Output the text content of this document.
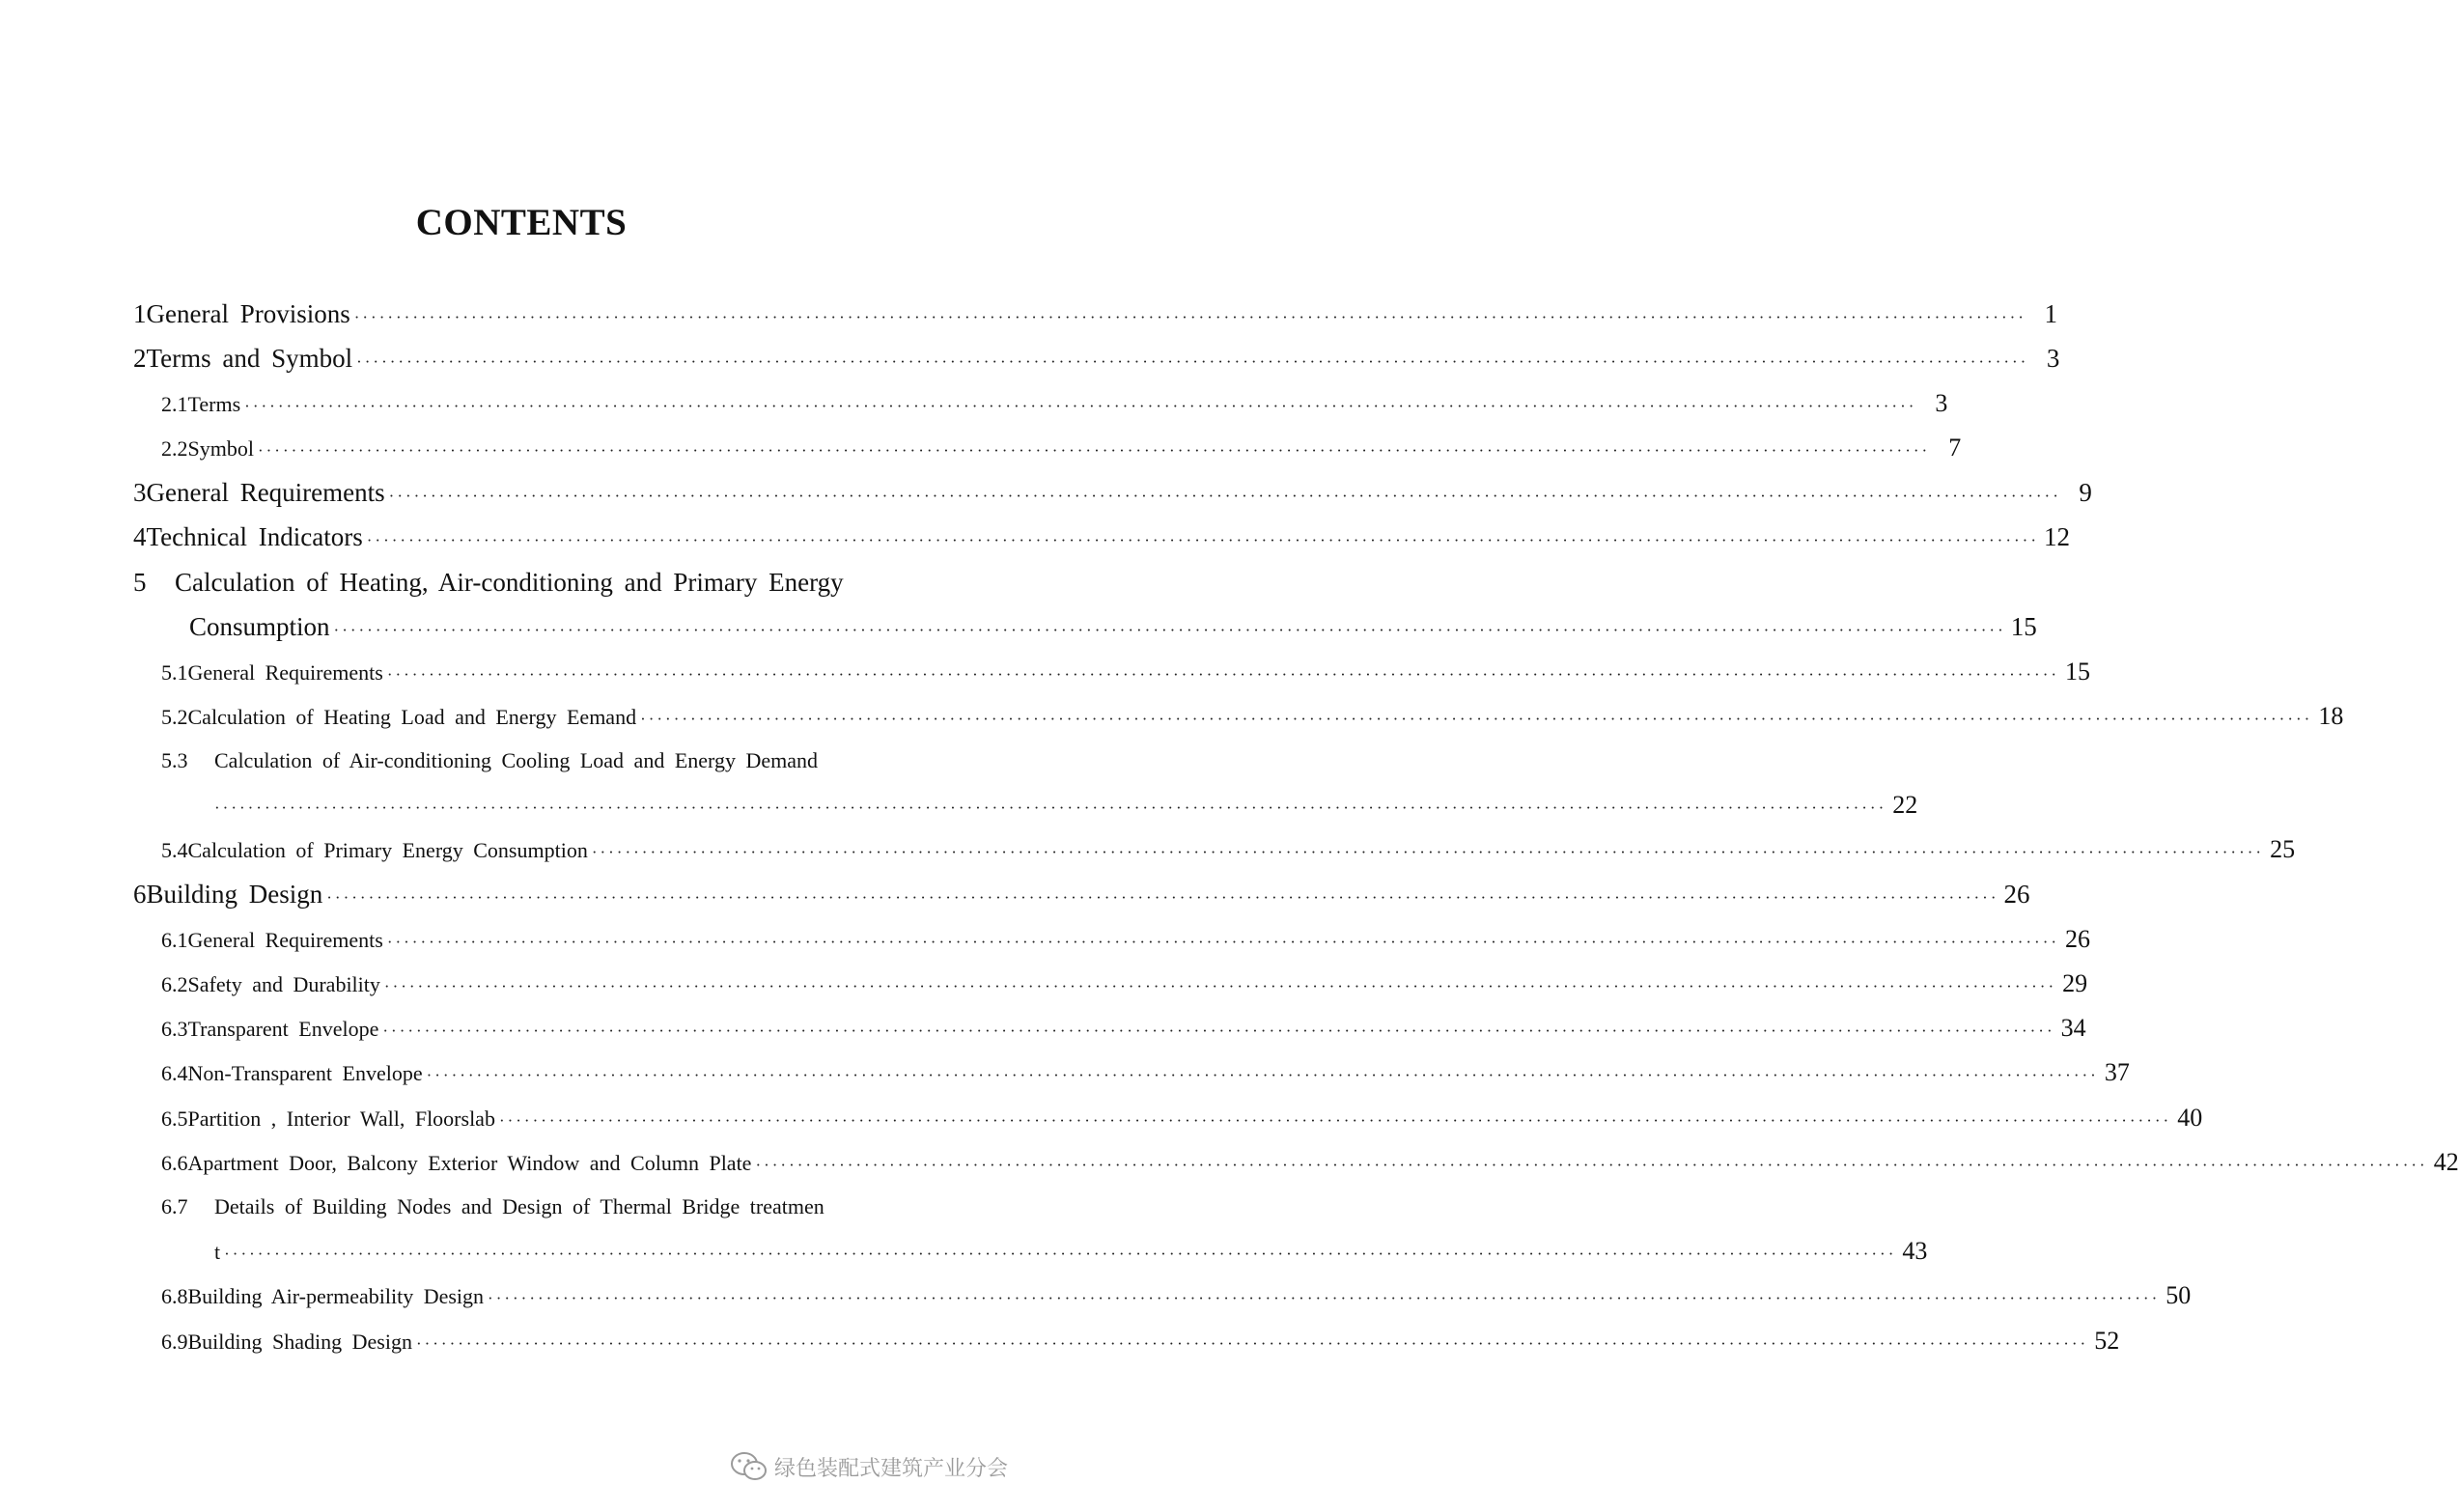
CONTENTS
1 General Provisions ········································································································································································································ 1
2 Terms and Symbol ········································································································································································································ 3
2.1 Terms ········································································································································································································ 3
2.2 Symbol ········································································································································································································ 7
3 General Requirements ········································································································································································································ 9
4 Technical Indicators ········································································································································································································ 12
5 Calculation of Heating, Air-conditioning and Primary Energy
Consumption ········································································································································································································ 15
5.1 General Requirements ········································································································································································································ 15
5.2 Calculation of Heating Load and Energy Eemand ········································································································································································································ 18
5.3 Calculation of Air-conditioning Cooling Load and Energy Demand
········································································································································································································ 22
5.4 Calculation of Primary Energy Consumption ········································································································································································································ 25
6 Building Design ········································································································································································································ 26
6.1 General Requirements ········································································································································································································ 26
6.2 Safety and Durability ········································································································································································································ 29
6.3 Transparent Envelope ········································································································································································································ 34
6.4 Non-Transparent Envelope ········································································································································································································ 37
6.5 Partition , Interior Wall, Floorslab ········································································································································································································ 40
6.6 Apartment Door, Balcony Exterior Window and Column Plate ········································································································································································································ 42
6.7 Details of Building Nodes and Design of Thermal Bridge treatmen
t ········································································································································································································ 43
6.8 Building Air-permeability Design ········································································································································································································ 50
6.9 Building Shading Design ········································································································································································································ 52
绿色装配式建筑产业分会
